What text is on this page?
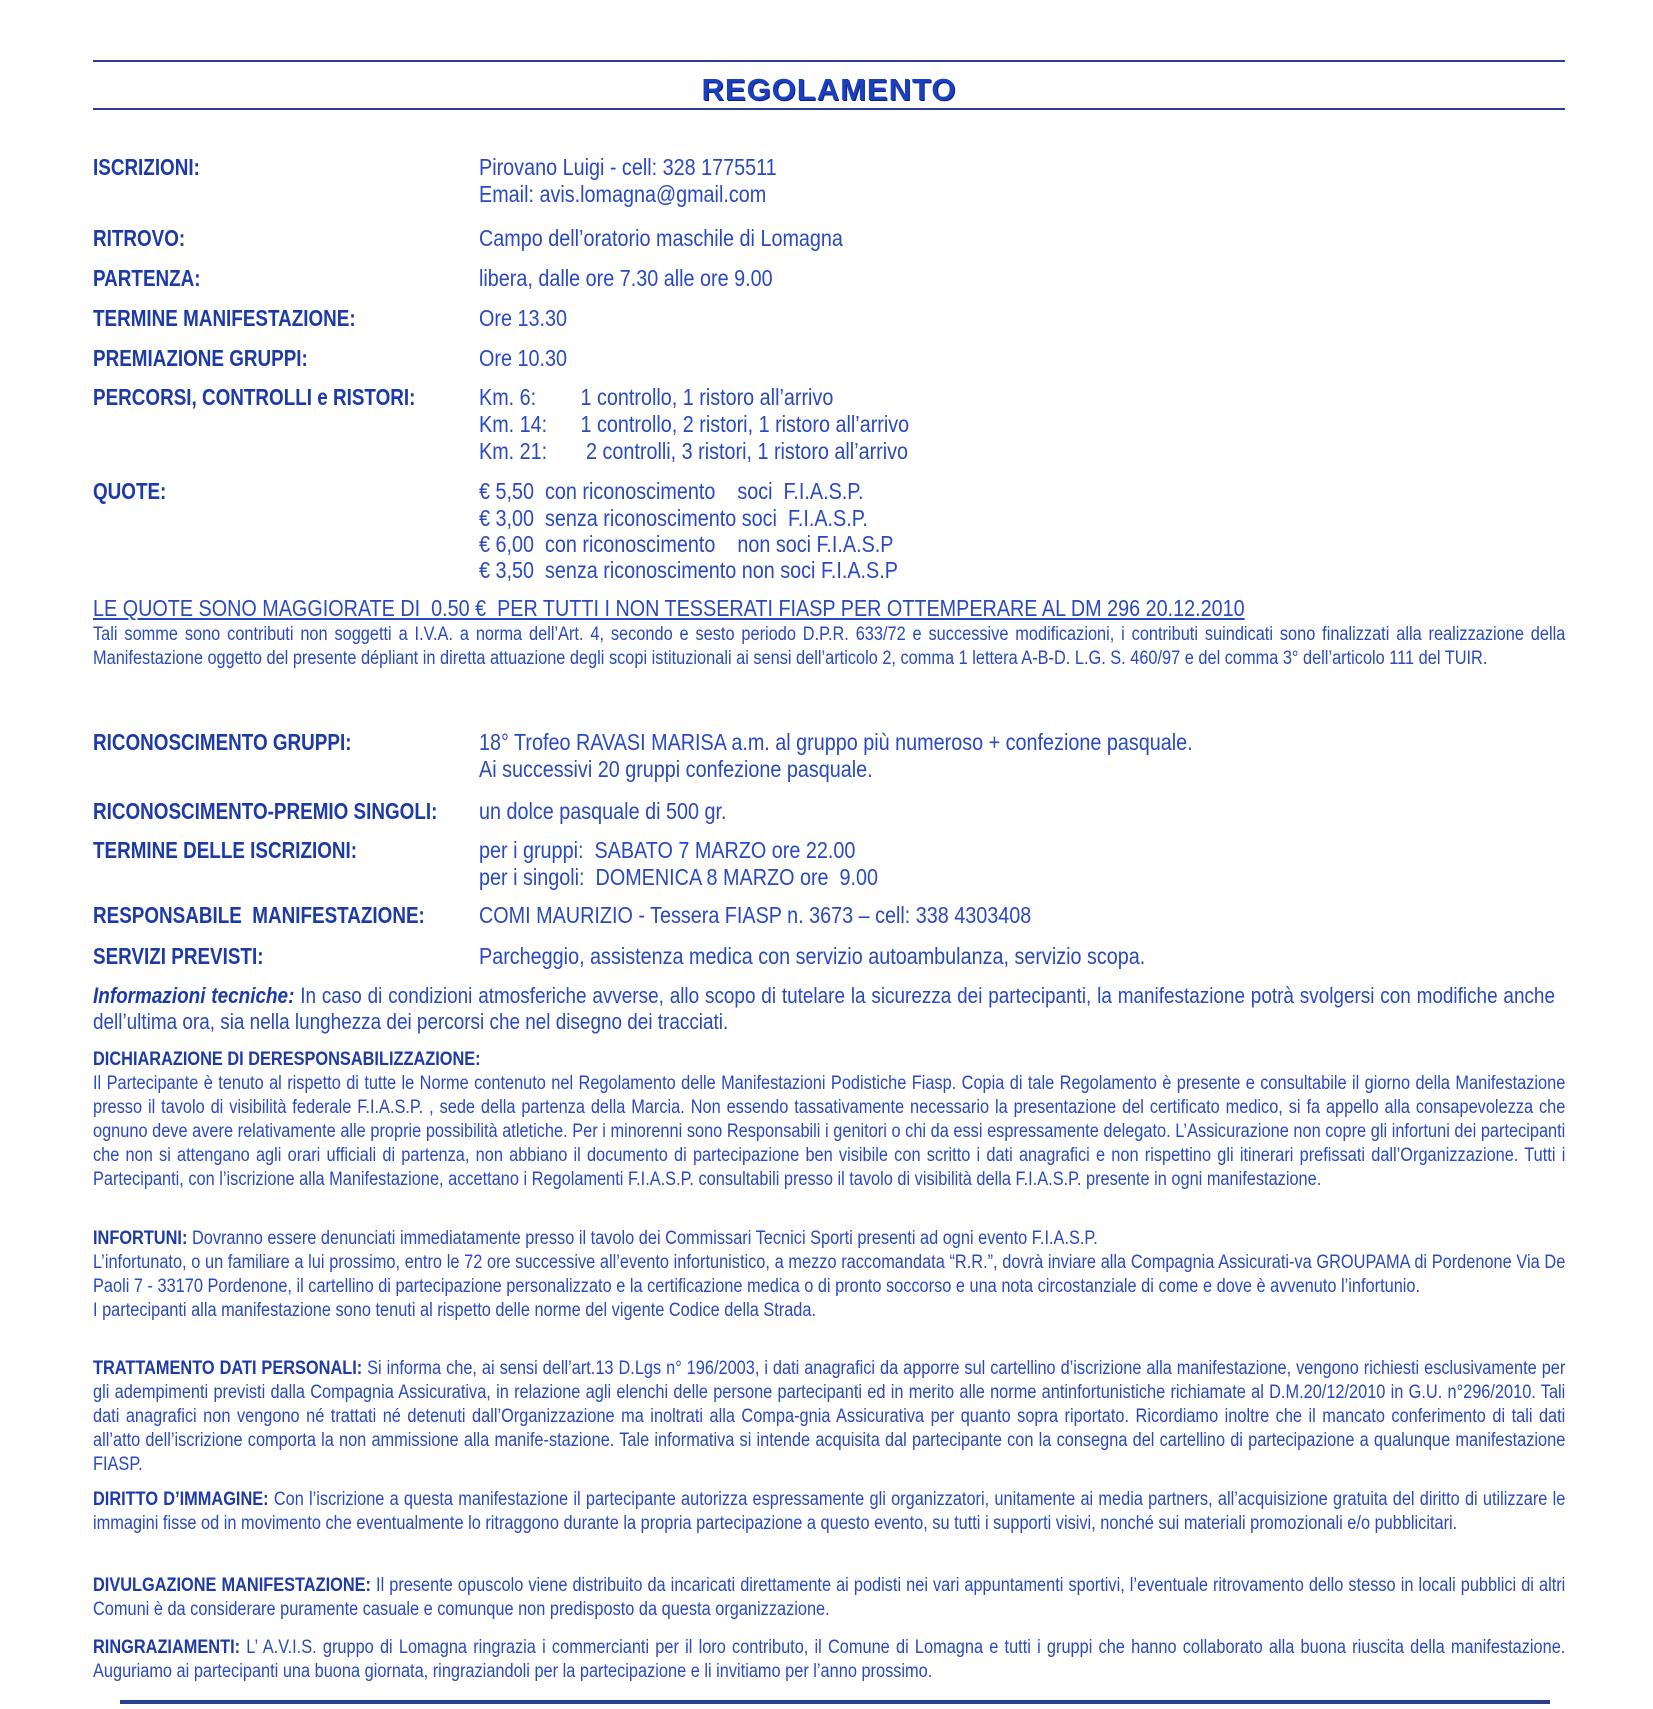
REGOLAMENTO
ISCRIZIONI:	Pirovano Luigi - cell: 328 1775511
Email: avis.lomagna@gmail.com
RITROVO:	Campo dell’oratorio maschile di Lomagna
PARTENZA:	libera, dalle ore 7.30 alle ore 9.00
TERMINE MANIFESTAZIONE:	Ore 13.30
PREMIAZIONE GRUPPI:	Ore 10.30
PERCORSI, CONTROLLI e RISTORI:	Km. 6: 1 controllo, 1 ristoro all’arrivo
Km. 14: 1 controllo, 2 ristori, 1 ristoro all’arrivo
Km. 21: 2 controlli, 3 ristori, 1 ristoro all’arrivo
QUOTE:	€ 5,50  con riconoscimento    soci  F.I.A.S.P.
€ 3,00  senza riconoscimento soci  F.I.A.S.P.
€ 6,00  con riconoscimento    non soci F.I.A.S.P
€ 3,50  senza riconoscimento non soci F.I.A.S.P
LE QUOTE SONO MAGGIORATE DI  0.50 €  PER TUTTI I NON TESSERATI FIASP PER OTTEMPERARE AL DM 296 20.12.2010

Tali somme sono contributi non soggetti a I.V.A. a norma dell’Art. 4, secondo e sesto periodo D.P.R. 633/72 e successive modificazioni, i contributi suindicati sono finalizzati alla realizzazione della Manifestazione oggetto del presente dépliant in diretta attuazione degli scopi istituzionali ai sensi dell’articolo 2, comma 1 lettera A-B-D. L.G. S. 460/97 e del comma 3° dell’articolo 111 del TUIR.

RICONOSCIMENTO GRUPPI:	18° Trofeo RAVASI MARISA a.m. al gruppo più numeroso + confezione pasquale.
Ai successivi 20 gruppi confezione pasquale.
RICONOSCIMENTO-PREMIO SINGOLI: un dolce pasquale di 500 gr.
TERMINE DELLE ISCRIZIONI:	per i gruppi:  SABATO 7 MARZO ore 22.00
per i singoli:  DOMENICA 8 MARZO ore  9.00
RESPONSABILE  MANIFESTAZIONE: COMI MAURIZIO - Tessera FIASP n. 3673 – cell: 338 4303408
SERVIZI PREVISTI:	Parcheggio, assistenza medica con servizio autoambulanza, servizio scopa.

Informazioni tecniche: In caso di condizioni atmosferiche avverse, allo scopo di tutelare la sicurezza dei partecipanti, la manifestazione potrà svolgersi con modifiche anche dell’ultima ora, sia nella lunghezza dei percorsi che nel disegno dei tracciati.

DICHIARAZIONE DI DERESPONSABILIZZAZIONE:

Il Partecipante è tenuto al rispetto di tutte le Norme contenuto nel Regolamento delle Manifestazioni Podistiche Fiasp. Copia di tale Regolamento è presente e consultabile il giorno della Manifestazione presso il tavolo di visibilità federale F.I.A.S.P. , sede della partenza della Marcia. Non essendo tassativamente necessario la presentazione del certificato medico, si fa appello alla consapevolezza che ognuno deve avere relativamente alle proprie possibilità atletiche. Per i minorenni sono Responsabili i genitori o chi da essi espressamente delegato. L’Assicurazione non copre gli infortuni dei partecipanti che non si attengano agli orari ufficiali di partenza, non abbiano il documento di partecipazione ben visibile con scritto i dati anagrafici e non rispettino gli itinerari prefissati dall’Organizzazione. Tutti i Partecipanti, con l’iscrizione alla Manifestazione, accettano i Regolamenti F.I.A.S.P. consultabili presso il tavolo di visibilità della F.I.A.S.P. presente in ogni manifestazione.

INFORTUNI: Dovranno essere denunciati immediatamente presso il tavolo dei Commissari Tecnici Sporti presenti ad ogni evento F.I.A.S.P.

L’infortunato, o un familiare a lui prossimo, entro le 72 ore successive all’evento infortunistico, a mezzo raccomandata “R.R.”, dovrà inviare alla Compagnia Assicurati-va GROUPAMA di Pordenone Via De Paoli 7 - 33170 Pordenone, il cartellino di partecipazione personalizzato e la certificazione medica o di pronto soccorso e una nota circostanziale di come e dove è avvenuto l’infortunio.

I partecipanti alla manifestazione sono tenuti al rispetto delle norme del vigente Codice della Strada.

TRATTAMENTO DATI PERSONALI: Si informa che, ai sensi dell’art.13 D.Lgs n° 196/2003, i dati anagrafici da apporre sul cartellino d’iscrizione alla manifestazione, vengono richiesti esclusivamente per gli adempimenti previsti dalla Compagnia Assicurativa, in relazione agli elenchi delle persone partecipanti ed in merito alle norme antinfortunistiche richiamate al D.M.20/12/2010 in G.U. n°296/2010. Tali dati anagrafici non vengono né trattati né detenuti dall’Organizzazione ma inoltrati alla Compa-gnia Assicurativa per quanto sopra riportato. Ricordiamo inoltre che il mancato conferimento di tali dati all’atto dell’iscrizione comporta la non ammissione alla manife-stazione. Tale informativa si intende acquisita dal partecipante con la consegna del cartellino di partecipazione a qualunque manifestazione FIASP.

DIRITTO D’IMMAGINE: Con l’iscrizione a questa manifestazione il partecipante autorizza espressamente gli organizzatori, unitamente ai media partners, all’acquisizione gratuita del diritto di utilizzare le immagini fisse od in movimento che eventualmente lo ritraggono durante la propria partecipazione a questo evento, su tutti i supporti visivi, nonché sui materiali promozionali e/o pubblicitari.

DIVULGAZIONE MANIFESTAZIONE: Il presente opuscolo viene distribuito da incaricati direttamente ai podisti nei vari appuntamenti sportivi, l’eventuale ritrovamento dello stesso in locali pubblici di altri Comuni è da considerare puramente casuale e comunque non predisposto da questa organizzazione.

RINGRAZIAMENTI: L’ A.V.I.S. gruppo di Lomagna ringrazia i commercianti per il loro contributo, il Comune di Lomagna e tutti i gruppi che hanno collaborato alla buona riuscita della manifestazione. Auguriamo ai partecipanti una buona giornata, ringraziandoli per la partecipazione e li invitiamo per l’anno prossimo.
